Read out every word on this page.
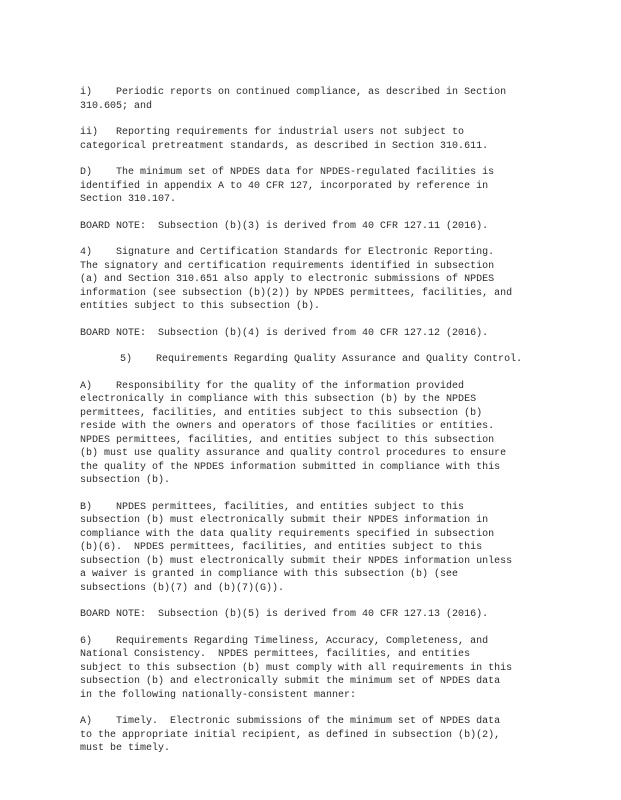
i)    Periodic reports on continued compliance, as described in Section
310.605; and

ii)   Reporting requirements for industrial users not subject to
categorical pretreatment standards, as described in Section 310.611.

D)    The minimum set of NPDES data for NPDES-regulated facilities is
identified in appendix A to 40 CFR 127, incorporated by reference in
Section 310.107.

BOARD NOTE:  Subsection (b)(3) is derived from 40 CFR 127.11 (2016).

4)    Signature and Certification Standards for Electronic Reporting.
The signatory and certification requirements identified in subsection
(a) and Section 310.651 also apply to electronic submissions of NPDES
information (see subsection (b)(2)) by NPDES permittees, facilities, and
entities subject to this subsection (b).

BOARD NOTE:  Subsection (b)(4) is derived from 40 CFR 127.12 (2016).

5)    Requirements Regarding Quality Assurance and Quality Control.

A)    Responsibility for the quality of the information provided
electronically in compliance with this subsection (b) by the NPDES
permittees, facilities, and entities subject to this subsection (b)
reside with the owners and operators of those facilities or entities.
NPDES permittees, facilities, and entities subject to this subsection
(b) must use quality assurance and quality control procedures to ensure
the quality of the NPDES information submitted in compliance with this
subsection (b).

B)    NPDES permittees, facilities, and entities subject to this
subsection (b) must electronically submit their NPDES information in
compliance with the data quality requirements specified in subsection
(b)(6).  NPDES permittees, facilities, and entities subject to this
subsection (b) must electronically submit their NPDES information unless
a waiver is granted in compliance with this subsection (b) (see
subsections (b)(7) and (b)(7)(G)).

BOARD NOTE:  Subsection (b)(5) is derived from 40 CFR 127.13 (2016).

6)    Requirements Regarding Timeliness, Accuracy, Completeness, and
National Consistency.  NPDES permittees, facilities, and entities
subject to this subsection (b) must comply with all requirements in this
subsection (b) and electronically submit the minimum set of NPDES data
in the following nationally-consistent manner:

A)    Timely.  Electronic submissions of the minimum set of NPDES data
to the appropriate initial recipient, as defined in subsection (b)(2),
must be timely.
